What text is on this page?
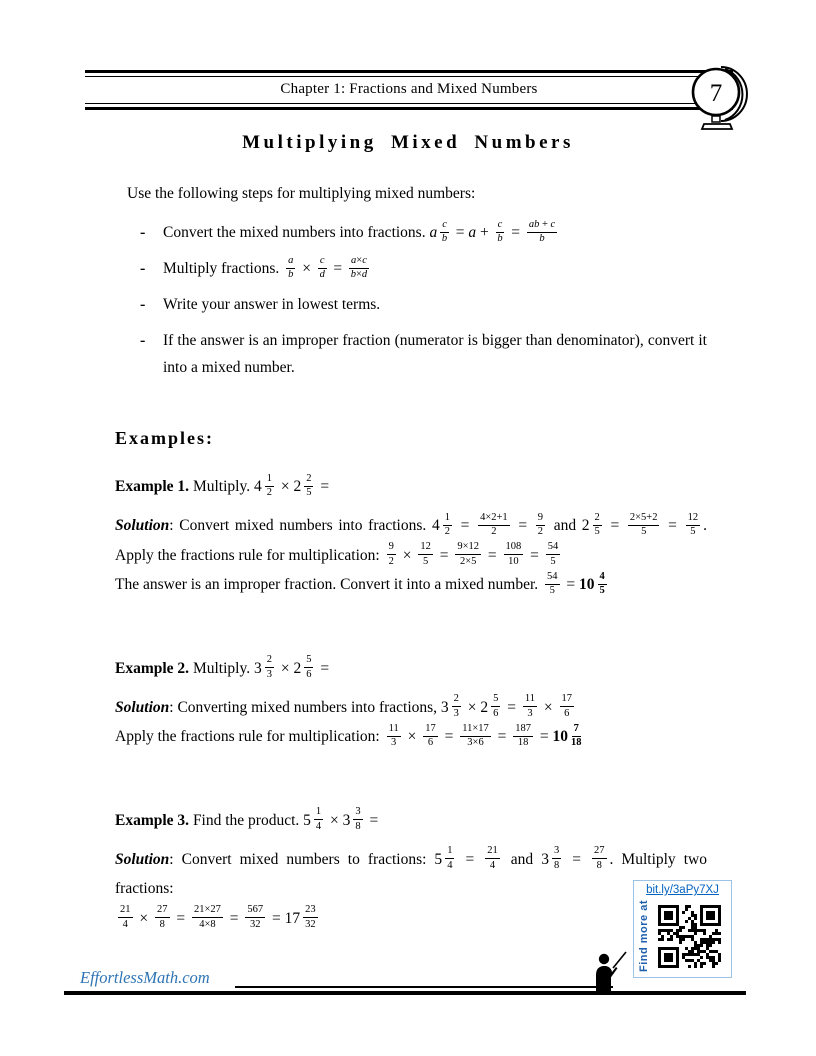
Chapter 1: Fractions and Mixed Numbers	7
Multiplying Mixed Numbers
Use the following steps for multiplying mixed numbers:
-	Convert the mixed numbers into fractions. a $\frac{c}{b} = a + \frac{c}{b} = \frac{ab + c}{b}$
-	Multiply fractions. $\frac{a}{b} \times \frac{c}{d} = \frac{a\times c}{b\times d}$
-	Write your answer in lowest terms.
-	If the answer is an improper fraction (numerator is bigger than denominator), convert it into a mixed number.
Examples:
Example 1. Multiply. $4 \frac{1}{2} \times 2 \frac{2}{5}$ =
Solution: Convert mixed numbers into fractions. $4 \frac{1}{2} = \frac{4\times 2+1}{2} = \frac{9}{2}$ and $2 \frac{2}{5} = \frac{2\times 5+2}{5} = \frac{12}{5}$ . Apply the fractions rule for multiplication: $\frac{9}{2} \times \frac{12}{5} = \frac{9\times 12}{2\times 5} = \frac{108}{10} = \frac{54}{5}$

The answer is an improper fraction. Convert it into a mixed number. $\frac{54}{5} = 10 \frac{4}{5}$
Example 2. Multiply. $3 \frac{2}{3} \times 2 \frac{5}{6}$ =
Solution: Converting mixed numbers into fractions, $3 \frac{2}{3} \times 2 \frac{5}{6} = \frac{11}{3} \times \frac{17}{6}$

Apply the fractions rule for multiplication: $\frac{11}{3} \times \frac{17}{6} = \frac{11\times 17}{3\times 6} = \frac{187}{18} = 10 \frac{7}{18}$
Example 3. Find the product. $5 \frac{1}{4} \times 3 \frac{3}{8}$ =
Solution: Convert mixed numbers to fractions: $5 \frac{1}{4} = \frac{21}{4}$ and $3 \frac{3}{8} = \frac{27}{8}$ . Multiply two fractions:

$\frac{21}{4} \times \frac{27}{8} = \frac{21\times 27}{4\times 8} = \frac{567}{32} = 17 \frac{23}{32}$
EffortlessMath.com
bit.ly/3aPy7XJ
Find more at
